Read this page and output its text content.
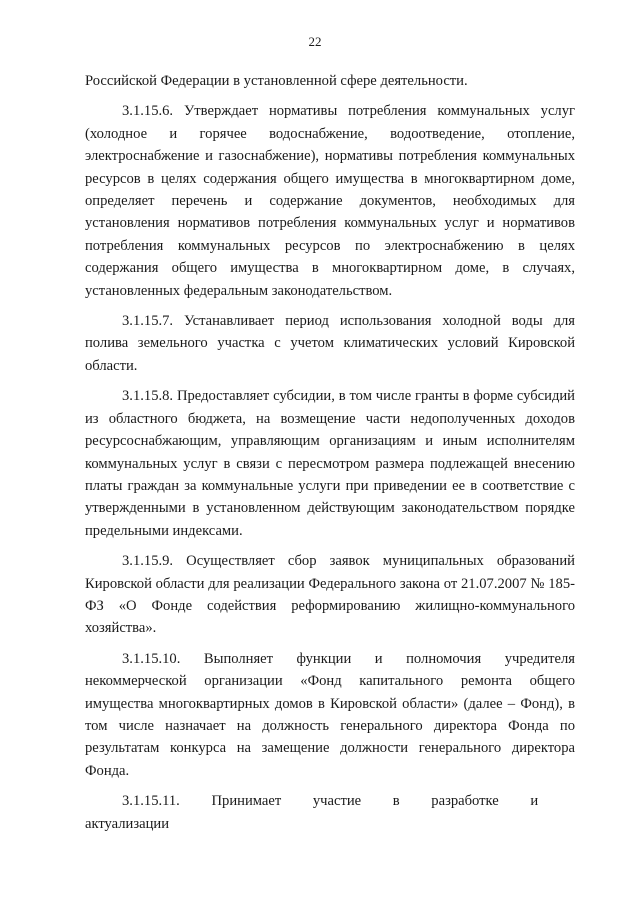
22

Российской Федерации в установленной сфере деятельности.

3.1.15.6. Утверждает нормативы потребления коммунальных услуг (холодное и горячее водоснабжение, водоотведение, отопление, электроснабжение и газоснабжение), нормативы потребления коммунальных ресурсов в целях содержания общего имущества в многоквартирном доме, определяет перечень и содержание документов, необходимых для установления нормативов потребления коммунальных услуг и нормативов потребления коммунальных ресурсов по электроснабжению в целях содержания общего имущества в многоквартирном доме, в случаях, установленных федеральным законодательством.

3.1.15.7. Устанавливает период использования холодной воды для полива земельного участка с учетом климатических условий Кировской области.

3.1.15.8. Предоставляет субсидии, в том числе гранты в форме субсидий из областного бюджета, на возмещение части недополученных доходов ресурсоснабжающим, управляющим организациям и иным исполнителям коммунальных услуг в связи с пересмотром размера подлежащей внесению платы граждан за коммунальные услуги при приведении ее в соответствие с утвержденными в установленном действующим законодательством порядке предельными индексами.

3.1.15.9. Осуществляет сбор заявок муниципальных образований Кировской области для реализации Федерального закона от 21.07.2007 № 185-ФЗ «О Фонде содействия реформированию жилищно-коммунального хозяйства».

3.1.15.10. Выполняет функции и полномочия учредителя некоммерческой организации «Фонд капитального ремонта общего имущества многоквартирных домов в Кировской области» (далее – Фонд), в том числе назначает на должность генерального директора Фонда по результатам конкурса на замещение должности генерального директора Фонда.

3.1.15.11. Принимает участие в разработке и актуализации
